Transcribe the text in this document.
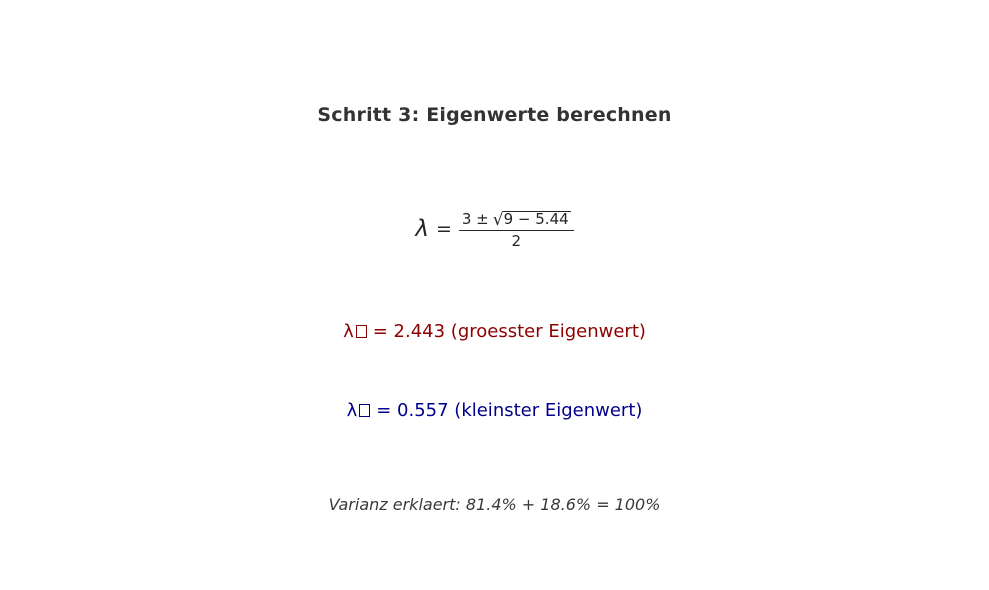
Schritt 3: Eigenwerte berechnen
$\lambda = \frac{3 \pm √ 9 - 5.44}{2}$
λ = 2.443 (groesster Eigenwert)
λ = 0.557 (kleinster Eigenwert)
Varianz erklaert: 81.4% + 18.6% = 100%
